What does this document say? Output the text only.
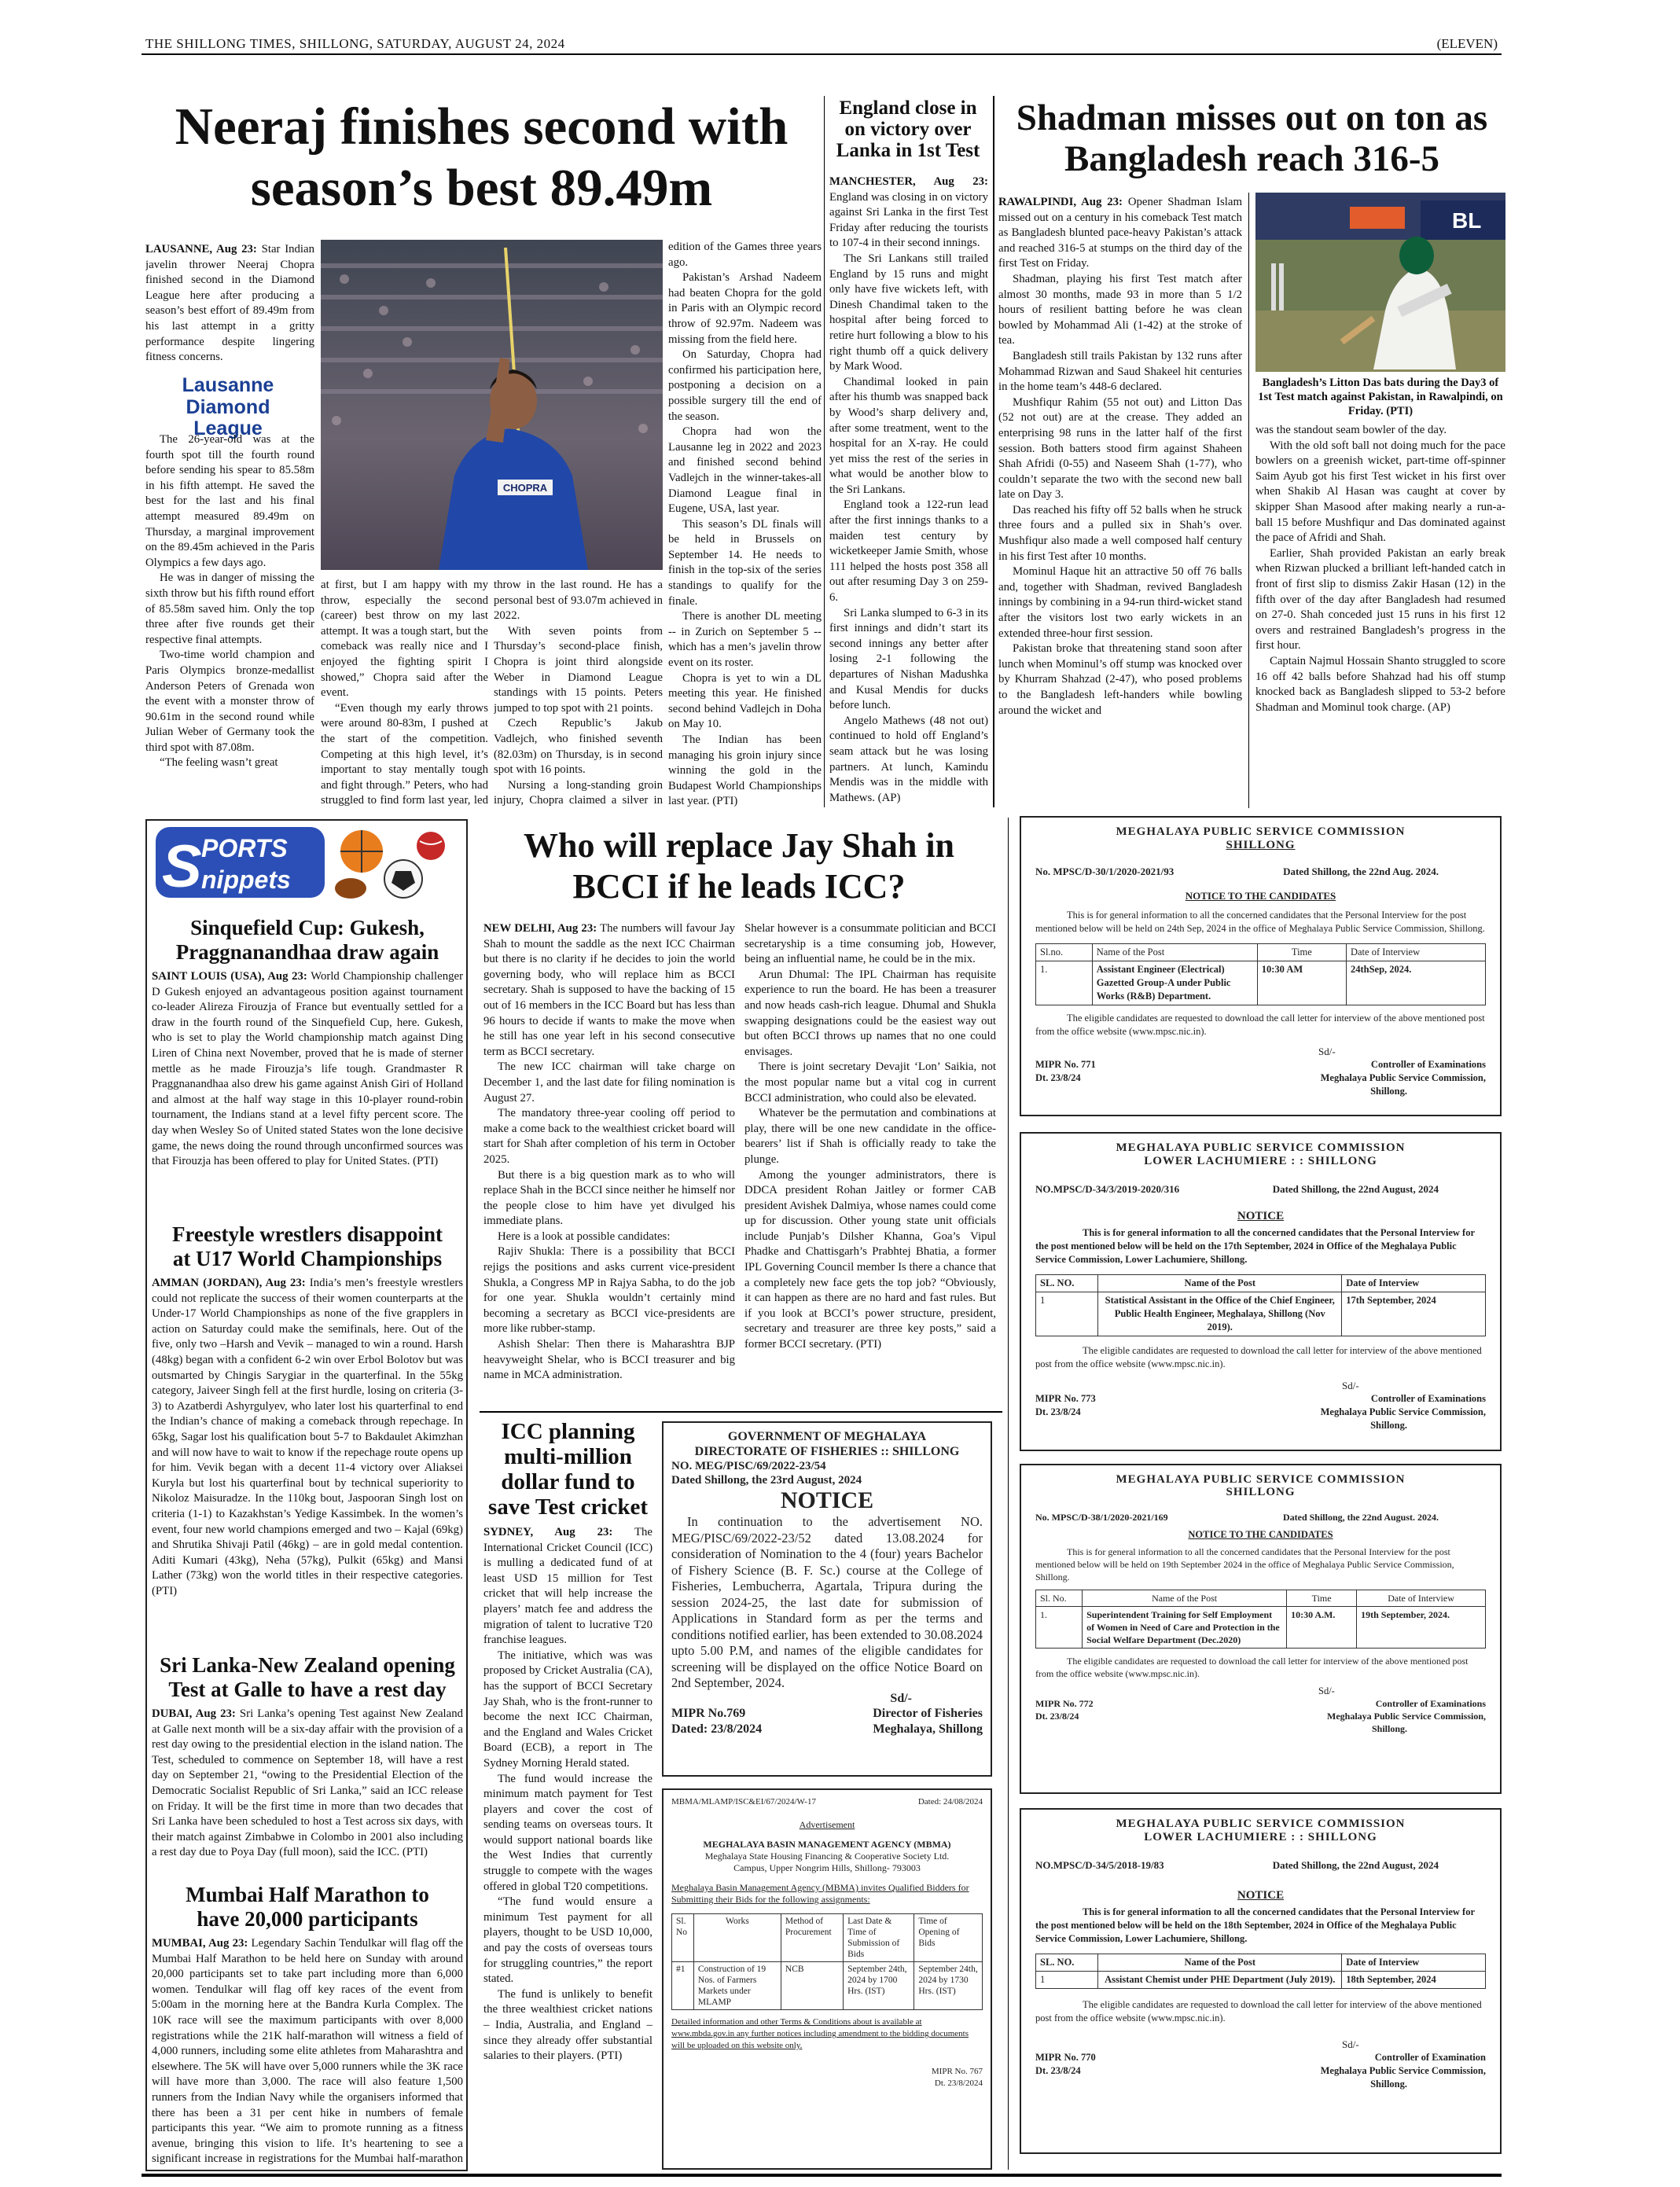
THE SHILLONG TIMES, SHILLONG, SATURDAY, AUGUST 24, 2024	(ELEVEN)
Neeraj finishes second with season’s best 89.49m

LAUSANNE, Aug 23: Star Indian javelin thrower Neeraj Chopra finished second in the Diamond League here after producing a season’s best effort of 89.49m from his last attempt in a gritty performance despite lingering fitness concerns.

Lausanne Diamond League

The 26-year-old was at the fourth spot till the fourth round before sending his spear to 85.58m in his fifth attempt. He saved the best for the last and his final attempt measured 89.49m on Thursday, a marginal improvement on the 89.45m achieved in the Paris Olympics a few days ago.

He was in danger of missing the sixth throw but his fifth round effort of 85.58m saved him. Only the top three after five rounds get their respective final attempts.

Two-time world champion and Paris Olympics bronze-medallist Anderson Peters of Grenada won the event with a monster throw of 90.61m in the second round while Julian Weber of Germany took the third spot with 87.08m.

“The feeling wasn’t great

CHOPRA

at first, but I am happy with my throw, especially the second (career) best throw on my last attempt. It was a tough start, but the comeback was really nice and I enjoyed the fighting spirit I showed,” Chopra said after the event.

“Even though my early throws were around 80-83m, I pushed at the start of the competition. Competing at this high level, it’s important to stay mentally tough and fight through.” Peters, who had struggled to find form last year, led

throw in the last round. He has a personal best of 93.07m achieved in 2022.

With seven points from Thursday’s second-place finish, Chopra is joint third alongside Weber in Diamond League standings with 15 points. Peters jumped to top spot with 21 points.

Czech Republic’s Jakub Vadlejch, who finished seventh (82.03m) on Thursday, is in second spot with 16 points.

Nursing a long-standing groin injury, Chopra claimed a silver in

edition of the Games three years ago.

Pakistan’s Arshad Nadeem had beaten Chopra for the gold in Paris with an Olympic record throw of 92.97m. Nadeem was missing from the field here.

On Saturday, Chopra had confirmed his participation here, postponing a decision on a possible surgery till the end of the season.

Chopra had won the Lausanne leg in 2022 and 2023 and finished second behind Vadlejch in the winner-takes-all Diamond League final in Eugene, USA, last year.

This season’s DL finals will be held in Brussels on September 14. He needs to finish in the top-six of the series standings to qualify for the finale.

There is another DL meeting -- in Zurich on September 5 -- which has a men’s javelin throw event on its roster.

Chopra is yet to win a DL meeting this year. He finished second behind Vadlejch in Doha on May 10.

The Indian has been managing his groin injury since winning the gold in the Budapest World Championships last year. (PTI)

England close in on victory over Lanka in 1st Test

MANCHESTER, Aug 23: England was closing in on victory against Sri Lanka in the first Test Friday after reducing the tourists to 107-4 in their second innings.

The Sri Lankans still trailed England by 15 runs and might only have five wickets left, with Dinesh Chandimal taken to the hospital after being forced to retire hurt following a blow to his right thumb off a quick delivery by Mark Wood.

Chandimal looked in pain after his thumb was snapped back by Wood’s sharp delivery and, after some treatment, went to the hospital for an X-ray. He could yet miss the rest of the series in what would be another blow to the Sri Lankans.

England took a 122-run lead after the first innings thanks to a maiden test century by wicketkeeper Jamie Smith, whose 111 helped the hosts post 358 all out after resuming Day 3 on 259-6.

Sri Lanka slumped to 6-3 in its first innings and didn’t start its second innings any better after losing 2-1 following the departures of Nishan Madushka and Kusal Mendis for ducks before lunch.

Angelo Mathews (48 not out) continued to hold off England’s seam attack but he was losing partners. At lunch, Kamindu Mendis was in the middle with Mathews. (AP)

Shadman misses out on ton as Bangladesh reach 316-5

RAWALPINDI, Aug 23: Opener Shadman Islam missed out on a century in his comeback Test match as Bangladesh blunted pace-heavy Pakistan’s attack and reached 316-5 at stumps on the third day of the first Test on Friday.

Shadman, playing his first Test match after almost 30 months, made 93 in more than 5 1/2 hours of resilient batting before he was clean bowled by Mohammad Ali (1-42) at the stroke of tea.

Bangladesh still trails Pakistan by 132 runs after Mohammad Rizwan and Saud Shakeel hit centuries in the home team’s 448-6 declared.

Mushfiqur Rahim (55 not out) and Litton Das (52 not out) are at the crease. They added an enterprising 98 runs in the latter half of the first session. Both batters stood firm against Shaheen Shah Afridi (0-55) and Naseem Shah (1-77), who couldn’t separate the two with the second new ball late on Day 3.

Das reached his fifty off 52 balls when he struck three fours and a pulled six in Shah’s over. Mushfiqur also made a well composed half century in his first Test after 10 months.

Mominul Haque hit an attractive 50 off 76 balls and, together with Shadman, revived Bangladesh innings by combining in a 94-run third-wicket stand after the visitors lost two early wickets in an extended three-hour first session.

Pakistan broke that threatening stand soon after lunch when Mominul’s off stump was knocked over by Khurram Shahzad (2-47), who posed problems to the Bangladesh left-handers while bowling around the wicket and

BL
Bangladesh’s Litton Das bats during the Day3 of 1st Test match against Pakistan, in Rawalpindi, on Friday. (PTI)

was the standout seam bowler of the day.

With the old soft ball not doing much for the pace bowlers on a greenish wicket, part-time off-spinner Saim Ayub got his first Test wicket in his first over when Shakib Al Hasan was caught at cover by skipper Shan Masood after making nearly a run-a-ball 15 before Mushfiqur and Das dominated against the pace of Afridi and Shah.

Earlier, Shah provided Pakistan an early break when Rizwan plucked a brilliant left-handed catch in front of first slip to dismiss Zakir Hasan (12) in the fifth over of the day after Bangladesh had resumed on 27-0. Shah conceded just 15 runs in his first 12 overs and restrained Bangladesh’s progress in the first hour.

Captain Najmul Hossain Shanto struggled to score 16 off 42 balls before Shahzad had his off stump knocked back as Bangladesh slipped to 53-2 before Shadman and Mominul took charge. (AP)

S PORTS
nippets
Sinquefield Cup: Gukesh, Praggnanandhaa draw again

SAINT LOUIS (USA), Aug 23: World Championship challenger D Gukesh enjoyed an advantageous position against tournament co-leader Alireza Firouzja of France but eventually settled for a draw in the fourth round of the Sinquefield Cup, here. Gukesh, who is set to play the World championship match against Ding Liren of China next November, proved that he is made of sterner mettle as he made Firouzja’s life tough. Grandmaster R Praggnanandhaa also drew his game against Anish Giri of Holland and almost at the half way stage in this 10-player round-robin tournament, the Indians stand at a level fifty percent score. The day when Wesley So of United stated States won the lone decisive game, the news doing the round through unconfirmed sources was that Firouzja has been offered to play for United States. (PTI)

Freestyle wrestlers disappoint at U17 World Championships

AMMAN (JORDAN), Aug 23: India’s men’s freestyle wrestlers could not replicate the success of their women counterparts at the Under-17 World Championships as none of the five grapplers in action on Saturday could make the semifinals, here. Out of the five, only two –Harsh and Vevik – managed to win a round. Harsh (48kg) began with a confident 6-2 win over Erbol Bolotov but was outsmarted by Chingis Sarygiar in the quarterfinal. In the 55kg category, Jaiveer Singh fell at the first hurdle, losing on criteria (3-3) to Azatberdi Ashyrgulyev, who later lost his quarterfinal to end the Indian’s chance of making a comeback through repechage. In 65kg, Sagar lost his qualification bout 5-7 to Bakdaulet Akimzhan and will now have to wait to know if the repechage route opens up for him. Vevik began with a decent 11-4 victory over Aliaksei Kuryla but lost his quarterfinal bout by technical superiority to Nikoloz Maisuradze. In the 110kg bout, Jaspooran Singh lost on criteria (1-1) to Kazakhstan’s Yedige Kassimbek. In the women’s event, four new world champions emerged and two – Kajal (69kg) and Shrutika Shivaji Patil (46kg) – are in gold medal contention. Aditi Kumari (43kg), Neha (57kg), Pulkit (65kg) and Mansi Lather (73kg) won the world titles in their respective categories. (PTI)

Sri Lanka-New Zealand opening Test at Galle to have a rest day

DUBAI, Aug 23: Sri Lanka’s opening Test against New Zealand at Galle next month will be a six-day affair with the provision of a rest day owing to the presidential election in the island nation. The Test, scheduled to commence on September 18, will have a rest day on September 21, “owing to the Presidential Election of the Democratic Socialist Republic of Sri Lanka,” said an ICC release on Friday. It will be the first time in more than two decades that Sri Lanka have been scheduled to host a Test across six days, with their match against Zimbabwe in Colombo in 2001 also including a rest day due to Poya Day (full moon), said the ICC. (PTI)

Mumbai Half Marathon to have 20,000 participants

MUMBAI, Aug 23: Legendary Sachin Tendulkar will flag off the Mumbai Half Marathon to be held here on Sunday with around 20,000 participants set to take part including more than 6,000 women. Tendulkar will flag off key races of the event from 5:00am in the morning here at the Bandra Kurla Complex. The 10K race will see the maximum participants with over 8,000 registrations while the 21K half-marathon will witness a field of 4,000 runners, including some elite athletes from Maharashtra and elsewhere. The 5K will have over 5,000 runners while the 3K race will have more than 3,000. The race will also feature 1,500 runners from the Indian Navy while the organisers informed that there has been a 31 per cent hike in numbers of female participants this year. “We aim to promote running as a fitness avenue, bringing this vision to life. It’s heartening to see a significant increase in registrations for the Mumbai half-marathon

Who will replace Jay Shah in BCCI if he leads ICC?

NEW DELHI, Aug 23: The numbers will favour Jay Shah to mount the saddle as the next ICC Chairman but there is no clarity if he decides to join the world governing body, who will replace him as BCCI secretary. Shah is supposed to have the backing of 15 out of 16 members in the ICC Board but has less than 96 hours to decide if wants to make the move when he still has one year left in his second consecutive term as BCCI secretary.

The new ICC chairman will take charge on December 1, and the last date for filing nomination is August 27.

The mandatory three-year cooling off period to make a come back to the wealthiest cricket board will start for Shah after completion of his term in October 2025.

But there is a big question mark as to who will replace Shah in the BCCI since neither he himself nor the people close to him have yet divulged his immediate plans.

Here is a look at possible candidates:

Rajiv Shukla: There is a possibility that BCCI rejigs the positions and asks current vice-president Shukla, a Congress MP in Rajya Sabha, to do the job for one year. Shukla wouldn’t certainly mind becoming a secretary as BCCI vice-presidents are more like rubber-stamp.

Ashish Shelar: Then there is Maharashtra BJP heavyweight Shelar, who is BCCI treasurer and big name in MCA administration.

Shelar however is a consummate politician and BCCI secretaryship is a time consuming job, However, being an influential name, he could be in the mix.

Arun Dhumal: The IPL Chairman has requisite experience to run the board. He has been a treasurer and now heads cash-rich league. Dhumal and Shukla swapping designations could be the easiest way out but often BCCI throws up names that no one could envisages.

There is joint secretary Devajit ‘Lon’ Saikia, not the most popular name but a vital cog in current BCCI administration, who could also be elevated.

Whatever be the permutation and combinations at play, there will be one new candidate in the office-bearers’ list if Shah is officially ready to take the plunge.

Among the younger administrators, there is DDCA president Rohan Jaitley or former CAB president Avishek Dalmiya, whose names could come up for discussion. Other young state unit officials include Punjab’s Dilsher Khanna, Goa’s Vipul Phadke and Chattisgarh’s Prabhtej Bhatia, a former IPL Governing Council member Is there a chance that a completely new face gets the top job? “Obviously, it can happen as there are no hard and fast rules. But if you look at BCCI’s power structure, president, secretary and treasurer are three key posts,” said a former BCCI secretary. (PTI)

ICC planning multi-million dollar fund to save Test cricket

SYDNEY, Aug 23: The International Cricket Council (ICC) is mulling a dedicated fund of at least USD 15 million for Test cricket that will help increase the players’ match fee and address the migration of talent to lucrative T20 franchise leagues.

The initiative, which was was proposed by Cricket Australia (CA), has the support of BCCI Secretary Jay Shah, who is the front-runner to become the next ICC Chairman, and the England and Wales Cricket Board (ECB), a report in The Sydney Morning Herald stated.

The fund would increase the minimum match payment for Test players and cover the cost of sending teams on overseas tours. It would support national boards like the West Indies that currently struggle to compete with the wages offered in global T20 competitions.

“The fund would ensure a minimum Test payment for all players, thought to be USD 10,000, and pay the costs of overseas tours for struggling countries,” the report stated.

The fund is unlikely to benefit the three wealthiest cricket nations – India, Australia, and England – since they already offer substantial salaries to their players. (PTI)

GOVERNMENT OF MEGHALAYA
DIRECTORATE OF FISHERIES :: SHILLONG
NO. MEG/PISC/69/2022-23/54
Dated Shillong, the 23rd August, 2024
NOTICE
In continuation to the advertisement NO. MEG/PISC/69/2022-23/52 dated 13.08.2024 for consideration of Nomination to the 4 (four) years Bachelor of Fishery Science (B. F. Sc.) course at the College of Fisheries, Lembucherra, Agartala, Tripura during the session 2024-25, the last date for submission of Applications in Standard form as per the terms and conditions notified earlier, has been extended to 30.08.2024 upto 5.00 P.M, and names of the eligible candidates for screening will be displayed on the office Notice Board on 2nd September, 2024.
Sd/-
MIPR No.769	Director of Fisheries
Dated: 23/8/2024	Meghalaya, Shillong
MBMA/MLAMP/ISC&EI/67/2024/W-17	Dated: 24/08/2024
Advertisement
MEGHALAYA BASIN MANAGEMENT AGENCY (MBMA)
Meghalaya State Housing Financing & Cooperative Society Ltd. Campus, Upper Nongrim Hills, Shillong- 793003
Meghalaya Basin Management Agency (MBMA) invites Qualified Bidders for Submitting their Bids for the following assignments:
Sl. No	Works	Method of Procurement	Last Date & Time of Submission of Bids	Time of Opening of Bids
#1	Construction of 19 Nos. of Farmers Markets under MLAMP	NCB	September 24th, 2024 by 1700 Hrs. (IST)	September 24th, 2024 by 1730 Hrs. (IST)
Detailed information and other Terms & Conditions about is available at www.mbda.gov.in any further notices including amendment to the bidding documents will be uploaded on this website only.
MIPR No. 767
Dt. 23/8/2024
MEGHALAYA PUBLIC SERVICE COMMISSION
SHILLONG
No. MPSC/D-30/1/2020-2021/93	Dated Shillong, the 22nd Aug. 2024.
NOTICE TO THE CANDIDATES
This is for general information to all the concerned candidates that the Personal Interview for the post mentioned below will be held on 24th Sep, 2024 in the office of Meghalaya Public Service Commission, Shillong.
Sl.no.	Name of the Post	Time	Date of Interview
1.	Assistant Engineer (Electrical) Gazetted Group-A under Public Works (R&B) Department.	10:30 AM	24thSep, 2024.
The eligible candidates are requested to download the call letter for interview of the above mentioned post from the office website (www.mpsc.nic.in).
Sd/-
MIPR No. 771	Controller of Examinations
Dt. 23/8/24	Meghalaya Public Service Commission,
Shillong.
MEGHALAYA PUBLIC SERVICE COMMISSION
LOWER LACHUMIERE : : SHILLONG
NO.MPSC/D-34/3/2019-2020/316	Dated Shillong, the 22nd August, 2024
NOTICE
This is for general information to all the concerned candidates that the Personal Interview for the post mentioned below will be held on the 17th September, 2024 in Office of the Meghalaya Public Service Commission, Lower Lachumiere, Shillong.
SL. NO.	Name of the Post	Date of Interview
1	Statistical Assistant in the Office of the Chief Engineer, Public Health Engineer, Meghalaya, Shillong (Nov 2019).	17th September, 2024
The eligible candidates are requested to download the call letter for interview of the above mentioned post from the office website (www.mpsc.nic.in).
Sd/-
MIPR No. 773	Controller of Examinations
Dt. 23/8/24	Meghalaya Public Service Commission,
Shillong.
MEGHALAYA PUBLIC SERVICE COMMISSION
SHILLONG
No. MPSC/D-38/1/2020-2021/169	Dated Shillong, the 22nd August. 2024.
NOTICE TO THE CANDIDATES
This is for general information to all the concerned candidates that the Personal Interview for the post mentioned below will be held on 19th September 2024 in the office of Meghalaya Public Service Commission, Shillong.
Sl. No.	Name of the Post	Time	Date of Interview
1.	Superintendent Training for Self Employment of Women in Need of Care and Protection in the Social Welfare Department (Dec.2020)	10:30 A.M.	19th September, 2024.
The eligible candidates are requested to download the call letter for interview of the above mentioned post from the office website (www.mpsc.nic.in).
Sd/-
MIPR No. 772	Controller of Examinations
Dt. 23/8/24	Meghalaya Public Service Commission,
Shillong.
MEGHALAYA PUBLIC SERVICE COMMISSION
LOWER LACHUMIERE : : SHILLONG
NO.MPSC/D-34/5/2018-19/83	Dated Shillong, the 22nd August, 2024
NOTICE
This is for general information to all the concerned candidates that the Personal Interview for the post mentioned below will be held on the 18th September, 2024 in Office of the Meghalaya Public Service Commission, Lower Lachumiere, Shillong.
SL. NO.	Name of the Post	Date of Interview
1	Assistant Chemist under PHE Department (July 2019).	18th September, 2024
The eligible candidates are requested to download the call letter for interview of the above mentioned post from the office website (www.mpsc.nic.in).
Sd/-
MIPR No. 770	Controller of Examination
Dt. 23/8/24	Meghalaya Public Service Commission,
Shillong.
